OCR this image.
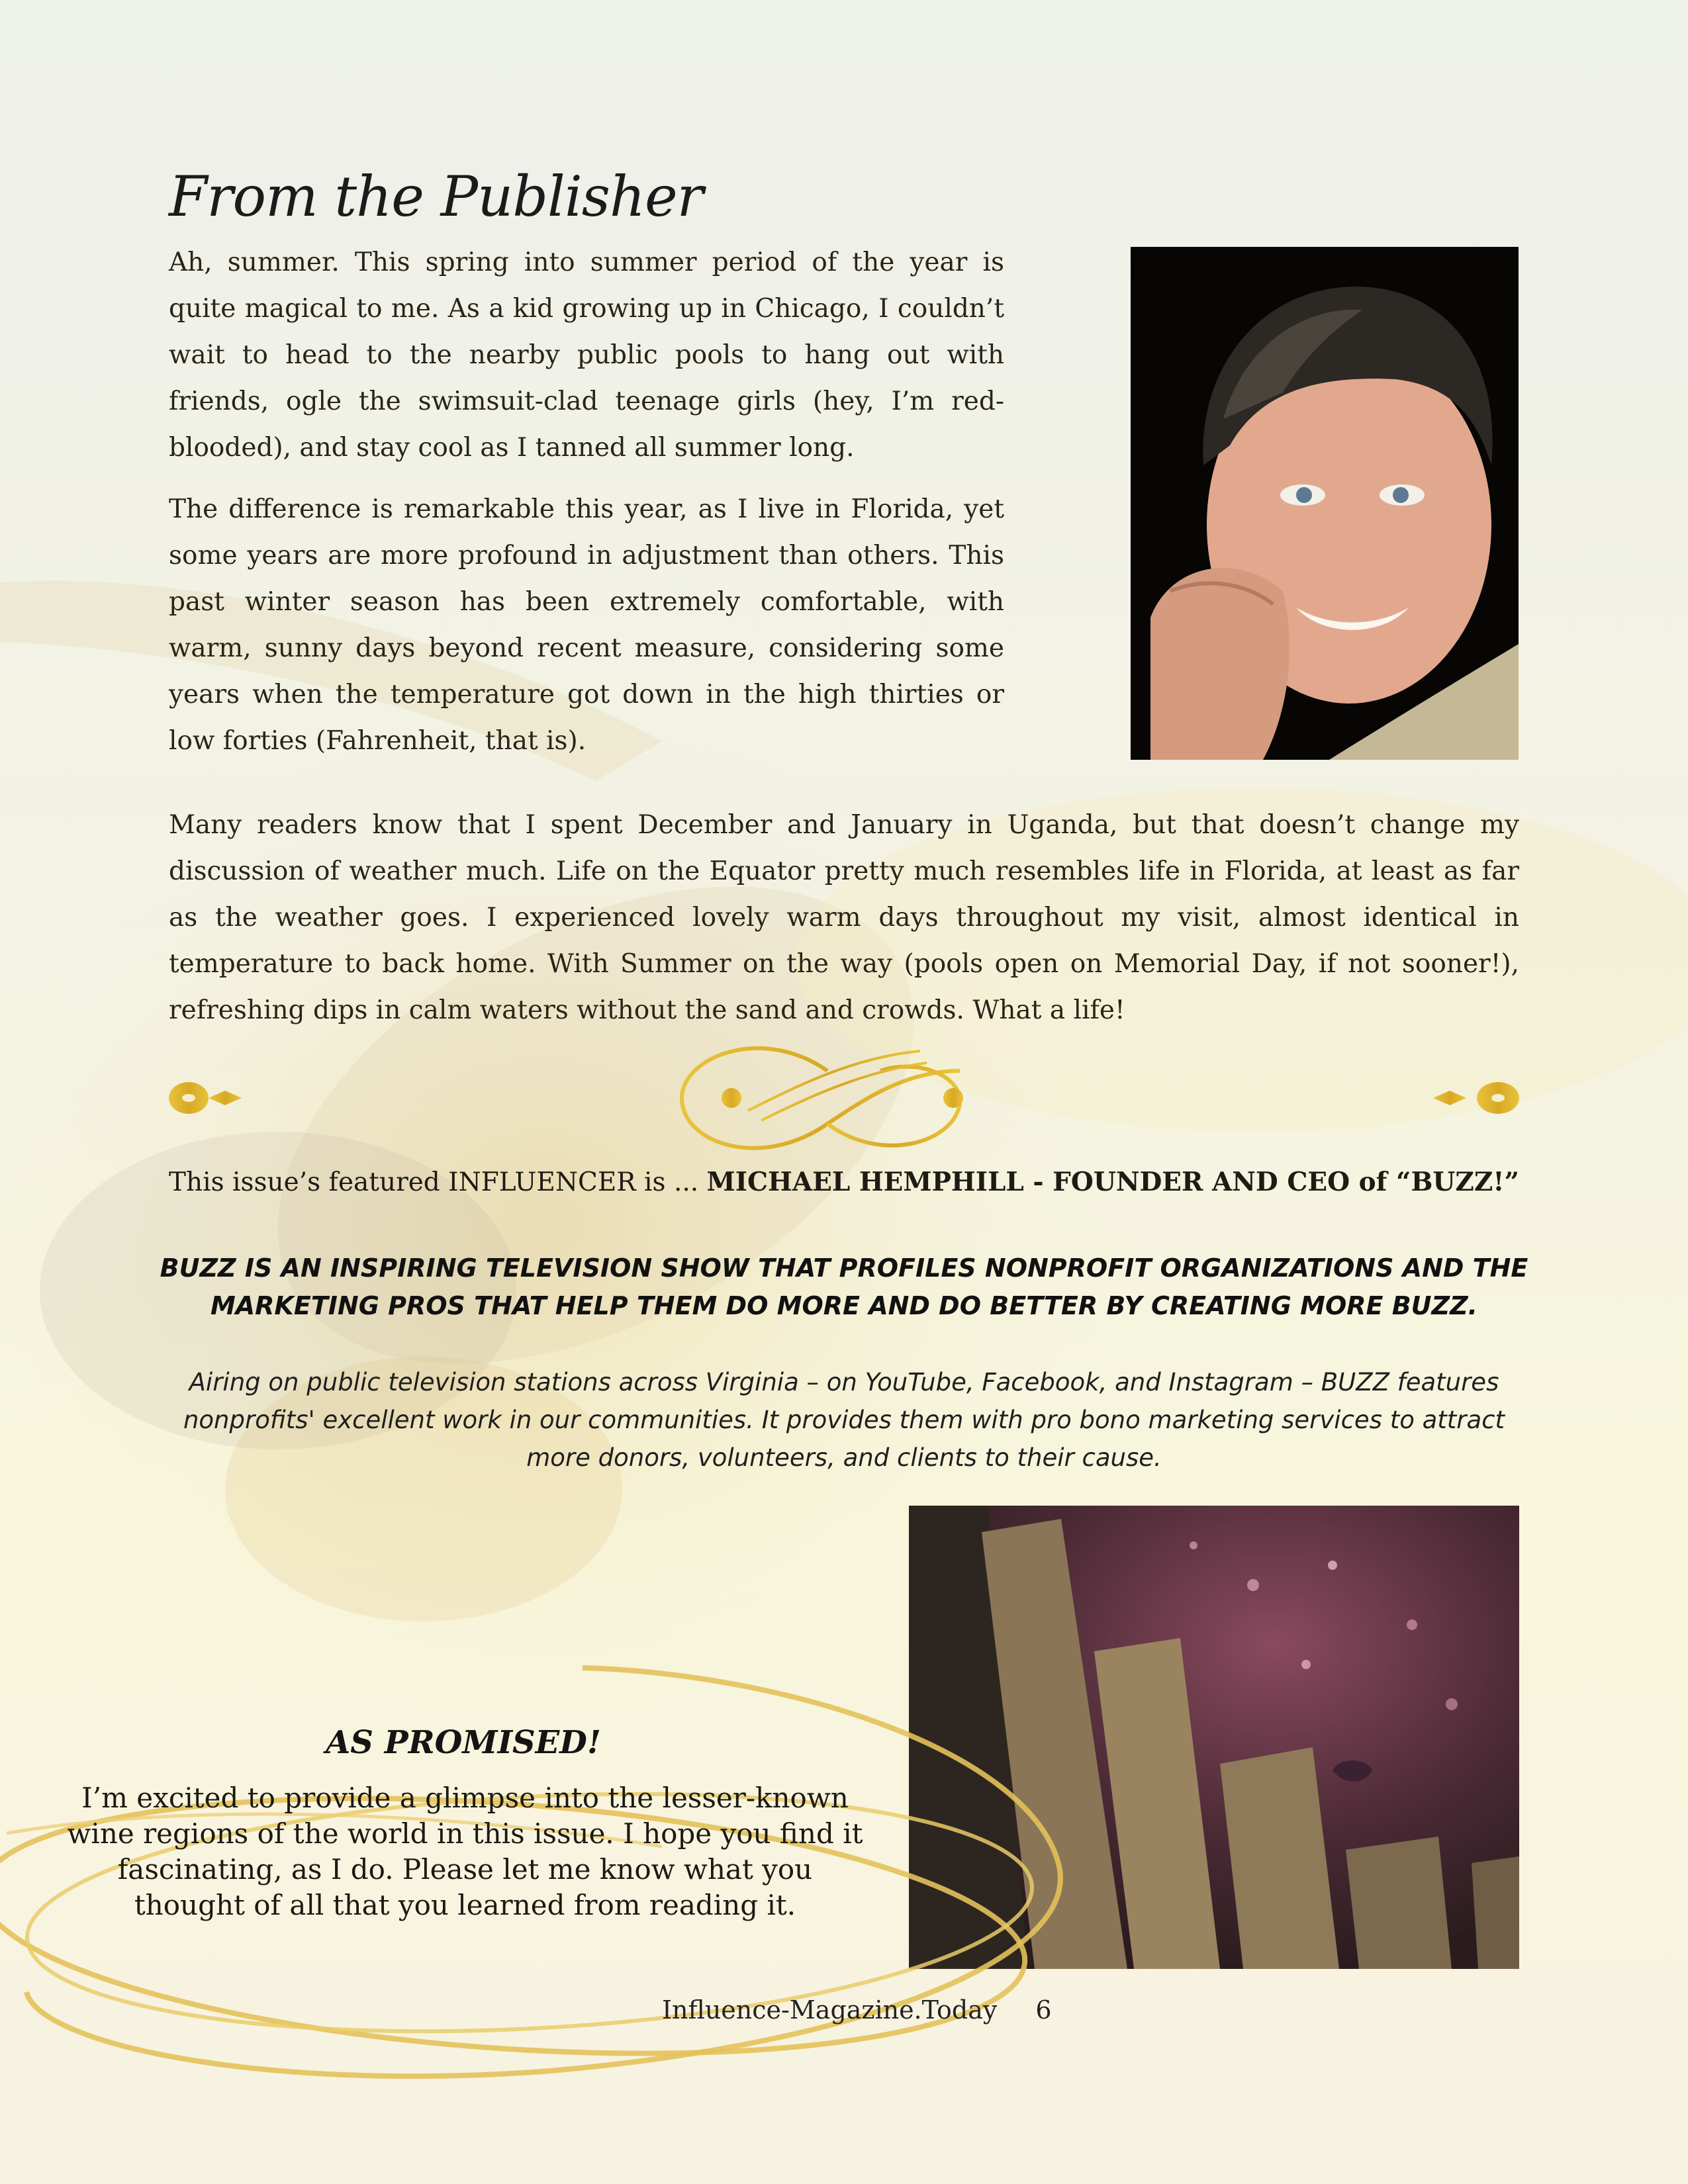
From the Publisher

Ah, summer. This spring into summer period of the year is quite magical to me. As a kid growing up in Chicago, I couldn’t wait to head to the nearby public pools to hang out with friends, ogle the swimsuit-clad teenage girls (hey, I’m red-blooded), and stay cool as I tanned all summer long.

The difference is remarkable this year, as I live in Florida, yet some years are more profound in adjustment than others. This past winter season has been extremely comfortable, with warm, sunny days beyond recent measure, considering some years when the temperature got down in the high thirties or low forties (Fahrenheit, that is).

Many readers know that I spent December and January in Uganda, but that doesn’t change my discussion of weather much. Life on the Equator pretty much resembles life in Florida, at least as far as the weather goes. I experienced lovely warm days throughout my visit, almost identical in temperature to back home. With Summer on the way (pools open on Memorial Day, if not sooner!), refreshing dips in calm waters without the sand and crowds. What a life!

This issue’s featured INFLUENCER is ... MICHAEL HEMPHILL - FOUNDER AND CEO of “BUZZ!”

BUZZ IS AN INSPIRING TELEVISION SHOW THAT PROFILES NONPROFIT ORGANIZATIONS AND THE MARKETING PROS THAT HELP THEM DO MORE AND DO BETTER BY CREATING MORE BUZZ.

Airing on public television stations across Virginia – on YouTube, Facebook, and Instagram – BUZZ features nonprofits' excellent work in our communities. It provides them with pro bono marketing services to attract more donors, volunteers, and clients to their cause.

AS PROMISED!

I’m excited to provide a glimpse into the lesser-known wine regions of the world in this issue. I hope you find it fascinating, as I do. Please let me know what you thought of all that you learned from reading it.

Influence-Magazine.Today 6
